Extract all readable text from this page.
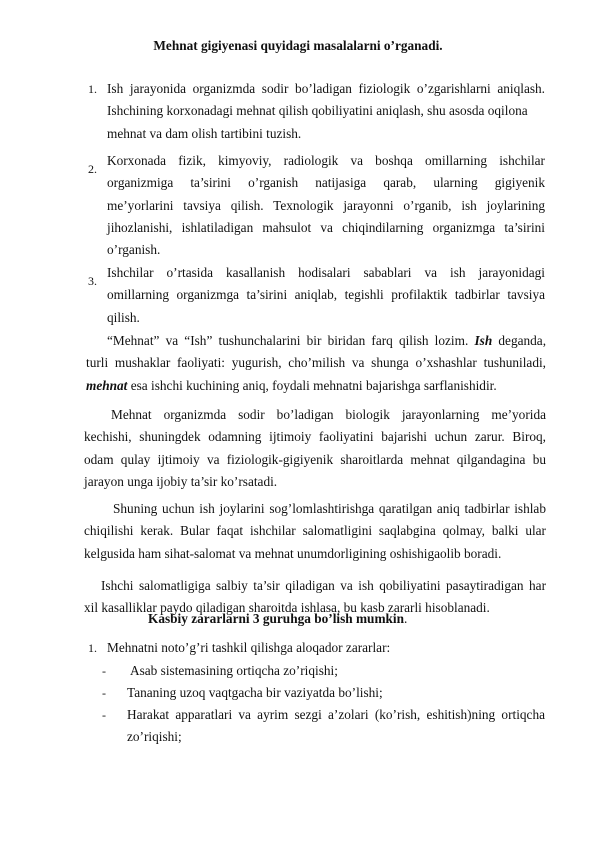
Mehnat gigiyenasi quyidagi masalalarni o’rganadi.
1. Ish jarayonida organizmda sodir bo’ladigan fiziologik o’zgarishlarni aniqlash.
Ishchining korxonadagi mehnat qilish qobiliyatini aniqlash, shu asosda oqilona
mehnat va dam olish tartibini tuzish.
2.
Korxonada fizik, kimyoviy, radiologik va boshqa omillarning ishchilar
organizmiga ta’sirini o’rganish natijasiga qarab, ularning gigiyenik
me’yorlarini tavsiya qilish. Texnologik jarayonni o’rganib, ish joylarining
jihozlanishi, ishlatiladigan mahsulot va chiqindilarning organizmga ta’sirini
o’rganish.
3.
Ishchilar o’rtasida kasallanish hodisalari sabablari va ish jarayonidagi
omillarning organizmga ta’sirini aniqlab, tegishli profilaktik tadbirlar tavsiya
qilish.
“Mehnat” va “Ish” tushunchalarini bir biridan farq qilish lozim. Ish deganda,
turli mushaklar faoliyati: yugurish, cho’milish va shunga o’xshashlar tushuniladi,
mehnat esa ishchi kuchining aniq, foydali mehnatni bajarishga sarflanishidir.
Mehnat organizmda sodir bo’ladigan biologik jarayonlarning me’yorida
kechishi, shuningdek odamning ijtimoiy faoliyatini bajarishi uchun zarur. Biroq,
odam qulay ijtimoiy va fiziologik-gigiyenik sharoitlarda mehnat qilgandagina bu
jarayon unga ijobiy ta’sir ko’rsatadi.
Shuning uchun ish joylarini sog’lomlashtirishga qaratilgan aniq tadbirlar ishlab
chiqilishi kerak. Bular faqat ishchilar salomatligini saqlabgina qolmay, balki ular
kelgusida ham sihat-salomat va mehnat unumdorligining oshishigaolib boradi.
Ishchi salomatligiga salbiy ta’sir qiladigan va ish qobiliyatini pasaytiradigan har
xil kasalliklar paydo qiladigan sharoitda ishlasa, bu kasb zararli hisoblanadi.
Kasbiy zararlarni 3 guruhga bo’lish mumkin.
1. Mehnatni noto’g’ri tashkil qilishga aloqador zararlar:
- Asab sistemasining ortiqcha zo’riqishi;
- Tananing uzoq vaqtgacha bir vaziyatda bo’lishi;
- Harakat apparatlari va ayrim sezgi a’zolari (ko’rish, eshitish)ning ortiqcha
zo’riqishi;
